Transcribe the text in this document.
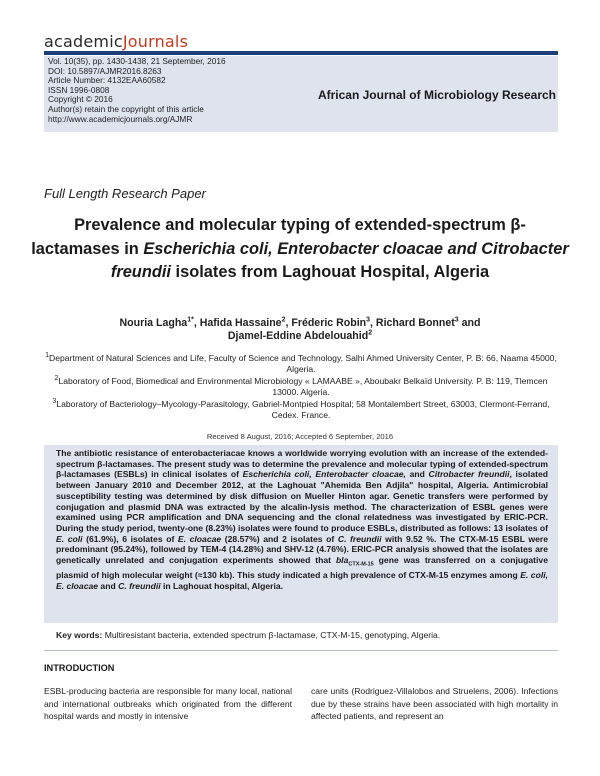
academicJournals
Vol. 10(35), pp. 1430-1438, 21 September, 2016
DOI: 10.5897/AJMR2016.8263
Article Number: 4132EAA60582
ISSN 1996-0808
Copyright © 2016
Author(s) retain the copyright of this article
http://www.academicjournals.org/AJMR
African Journal of Microbiology Research
Full Length Research Paper
Prevalence and molecular typing of extended-spectrum β-lactamases in Escherichia coli, Enterobacter cloacae and Citrobacter freundii isolates from Laghouat Hospital, Algeria
Nouria Lagha$^{1*}$, Hafida Hassaine$^2$, Fréderic Robin$^3$, Richard Bonnet$^3$ and
Djamel-Eddine Abdelouahid$^2$

$^1$Department of Natural Sciences and Life, Faculty of Science and Technology, Salhi Ahmed University Center, P. B: 66, Naama 45000, Algeria.

$^2$Laboratory of Food, Biomedical and Environmental Microbiology « LAMAABE », Aboubakr Belkaïd University. P. B: 119, Tlemcen 13000. Algeria.

$^3$Laboratory of Bacteriology–Mycology-Parasitology, Gabriel-Montpied Hospital; 58 Montalembert Street, 63003, Clermont-Ferrand, Cedex. France.

Received 8 August, 2016; Accepted 6 September, 2016
The antibiotic resistance of enterobacteriacae knows a worldwide worrying evolution with an increase of the extended-spectrum β-lactamases. The present study was to determine the prevalence and molecular typing of extended-spectrum β-lactamases (ESBLs) in clinical isolates of Escherichia coli, Enterobacter cloacae, and Citrobacter freundii, isolated between January 2010 and December 2012, at the Laghouat "Ahemida Ben Adjila" hospital, Algeria. Antimicrobial susceptibility testing was determined by disk diffusion on Mueller Hinton agar. Genetic transfers were performed by conjugation and plasmid DNA was extracted by the alcalin-lysis method. The characterization of ESBL genes were examined using PCR amplification and DNA sequencing and the clonal relatedness was investigated by ERIC-PCR. During the study period, twenty-one (8.23%) isolates were found to produce ESBLs, distributed as follows: 13 isolates of E. coli (61.9%), 6 isolates of E. cloacae (28.57%) and 2 isolates of C. freundii with 9.52 %. The CTX-M-15 ESBL were predominant (95.24%), followed by TEM-4 (14.28%) and SHV-12 (4.76%). ERIC-PCR analysis showed that the isolates are genetically unrelated and conjugation experiments showed that bla$_{CTX-M-15}$ gene was transferred on a conjugative plasmid of high molecular weight (≈130 kb). This study indicated a high prevalence of CTX-M-15 enzymes among E. coli, E. cloacae and C. freundii in Laghouat hospital, Algeria.
Key words: Multiresistant bacteria, extended spectrum β-lactamase, CTX-M-15, genotyping, Algeria.
INTRODUCTION
ESBL-producing bacteria are responsible for many local, national and international outbreaks which originated from the different hospital wards and mostly in intensive
care units (Rodriguez-Villalobos and Struelens, 2006). Infections due by these strains have been associated with high mortality in affected patients, and represent an
